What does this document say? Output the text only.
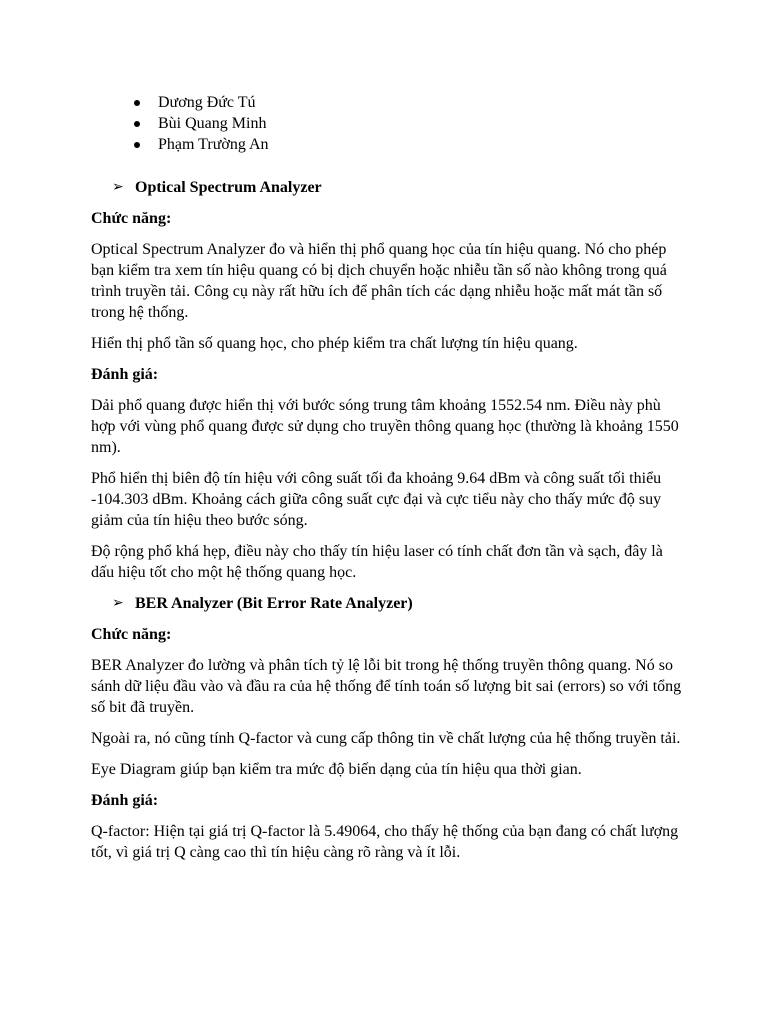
Dương Đức Tú
Bùi Quang Minh
Phạm Trường An
➢ Optical Spectrum Analyzer
Chức năng:

Optical Spectrum Analyzer đo và hiển thị phổ quang học của tín hiệu quang. Nó cho phép bạn kiểm tra xem tín hiệu quang có bị dịch chuyển hoặc nhiễu tần số nào không trong quá trình truyền tải. Công cụ này rất hữu ích để phân tích các dạng nhiễu hoặc mất mát tần số trong hệ thống.

Hiển thị phổ tần số quang học, cho phép kiểm tra chất lượng tín hiệu quang.

Đánh giá:

Dải phổ quang được hiển thị với bước sóng trung tâm khoảng 1552.54 nm. Điều này phù hợp với vùng phổ quang được sử dụng cho truyền thông quang học (thường là khoảng 1550 nm).

Phổ hiển thị biên độ tín hiệu với công suất tối đa khoảng 9.64 dBm và công suất tối thiểu -104.303 dBm. Khoảng cách giữa công suất cực đại và cực tiểu này cho thấy mức độ suy giảm của tín hiệu theo bước sóng.

Độ rộng phổ khá hẹp, điều này cho thấy tín hiệu laser có tính chất đơn tần và sạch, đây là dấu hiệu tốt cho một hệ thống quang học.

➢ BER Analyzer (Bit Error Rate Analyzer)
Chức năng:

BER Analyzer đo lường và phân tích tỷ lệ lỗi bit trong hệ thống truyền thông quang. Nó so sánh dữ liệu đầu vào và đầu ra của hệ thống để tính toán số lượng bit sai (errors) so với tổng số bit đã truyền.

Ngoài ra, nó cũng tính Q-factor và cung cấp thông tin về chất lượng của hệ thống truyền tải.

Eye Diagram giúp bạn kiểm tra mức độ biến dạng của tín hiệu qua thời gian.

Đánh giá:

Q-factor: Hiện tại giá trị Q-factor là 5.49064, cho thấy hệ thống của bạn đang có chất lượng tốt, vì giá trị Q càng cao thì tín hiệu càng rõ ràng và ít lỗi.
